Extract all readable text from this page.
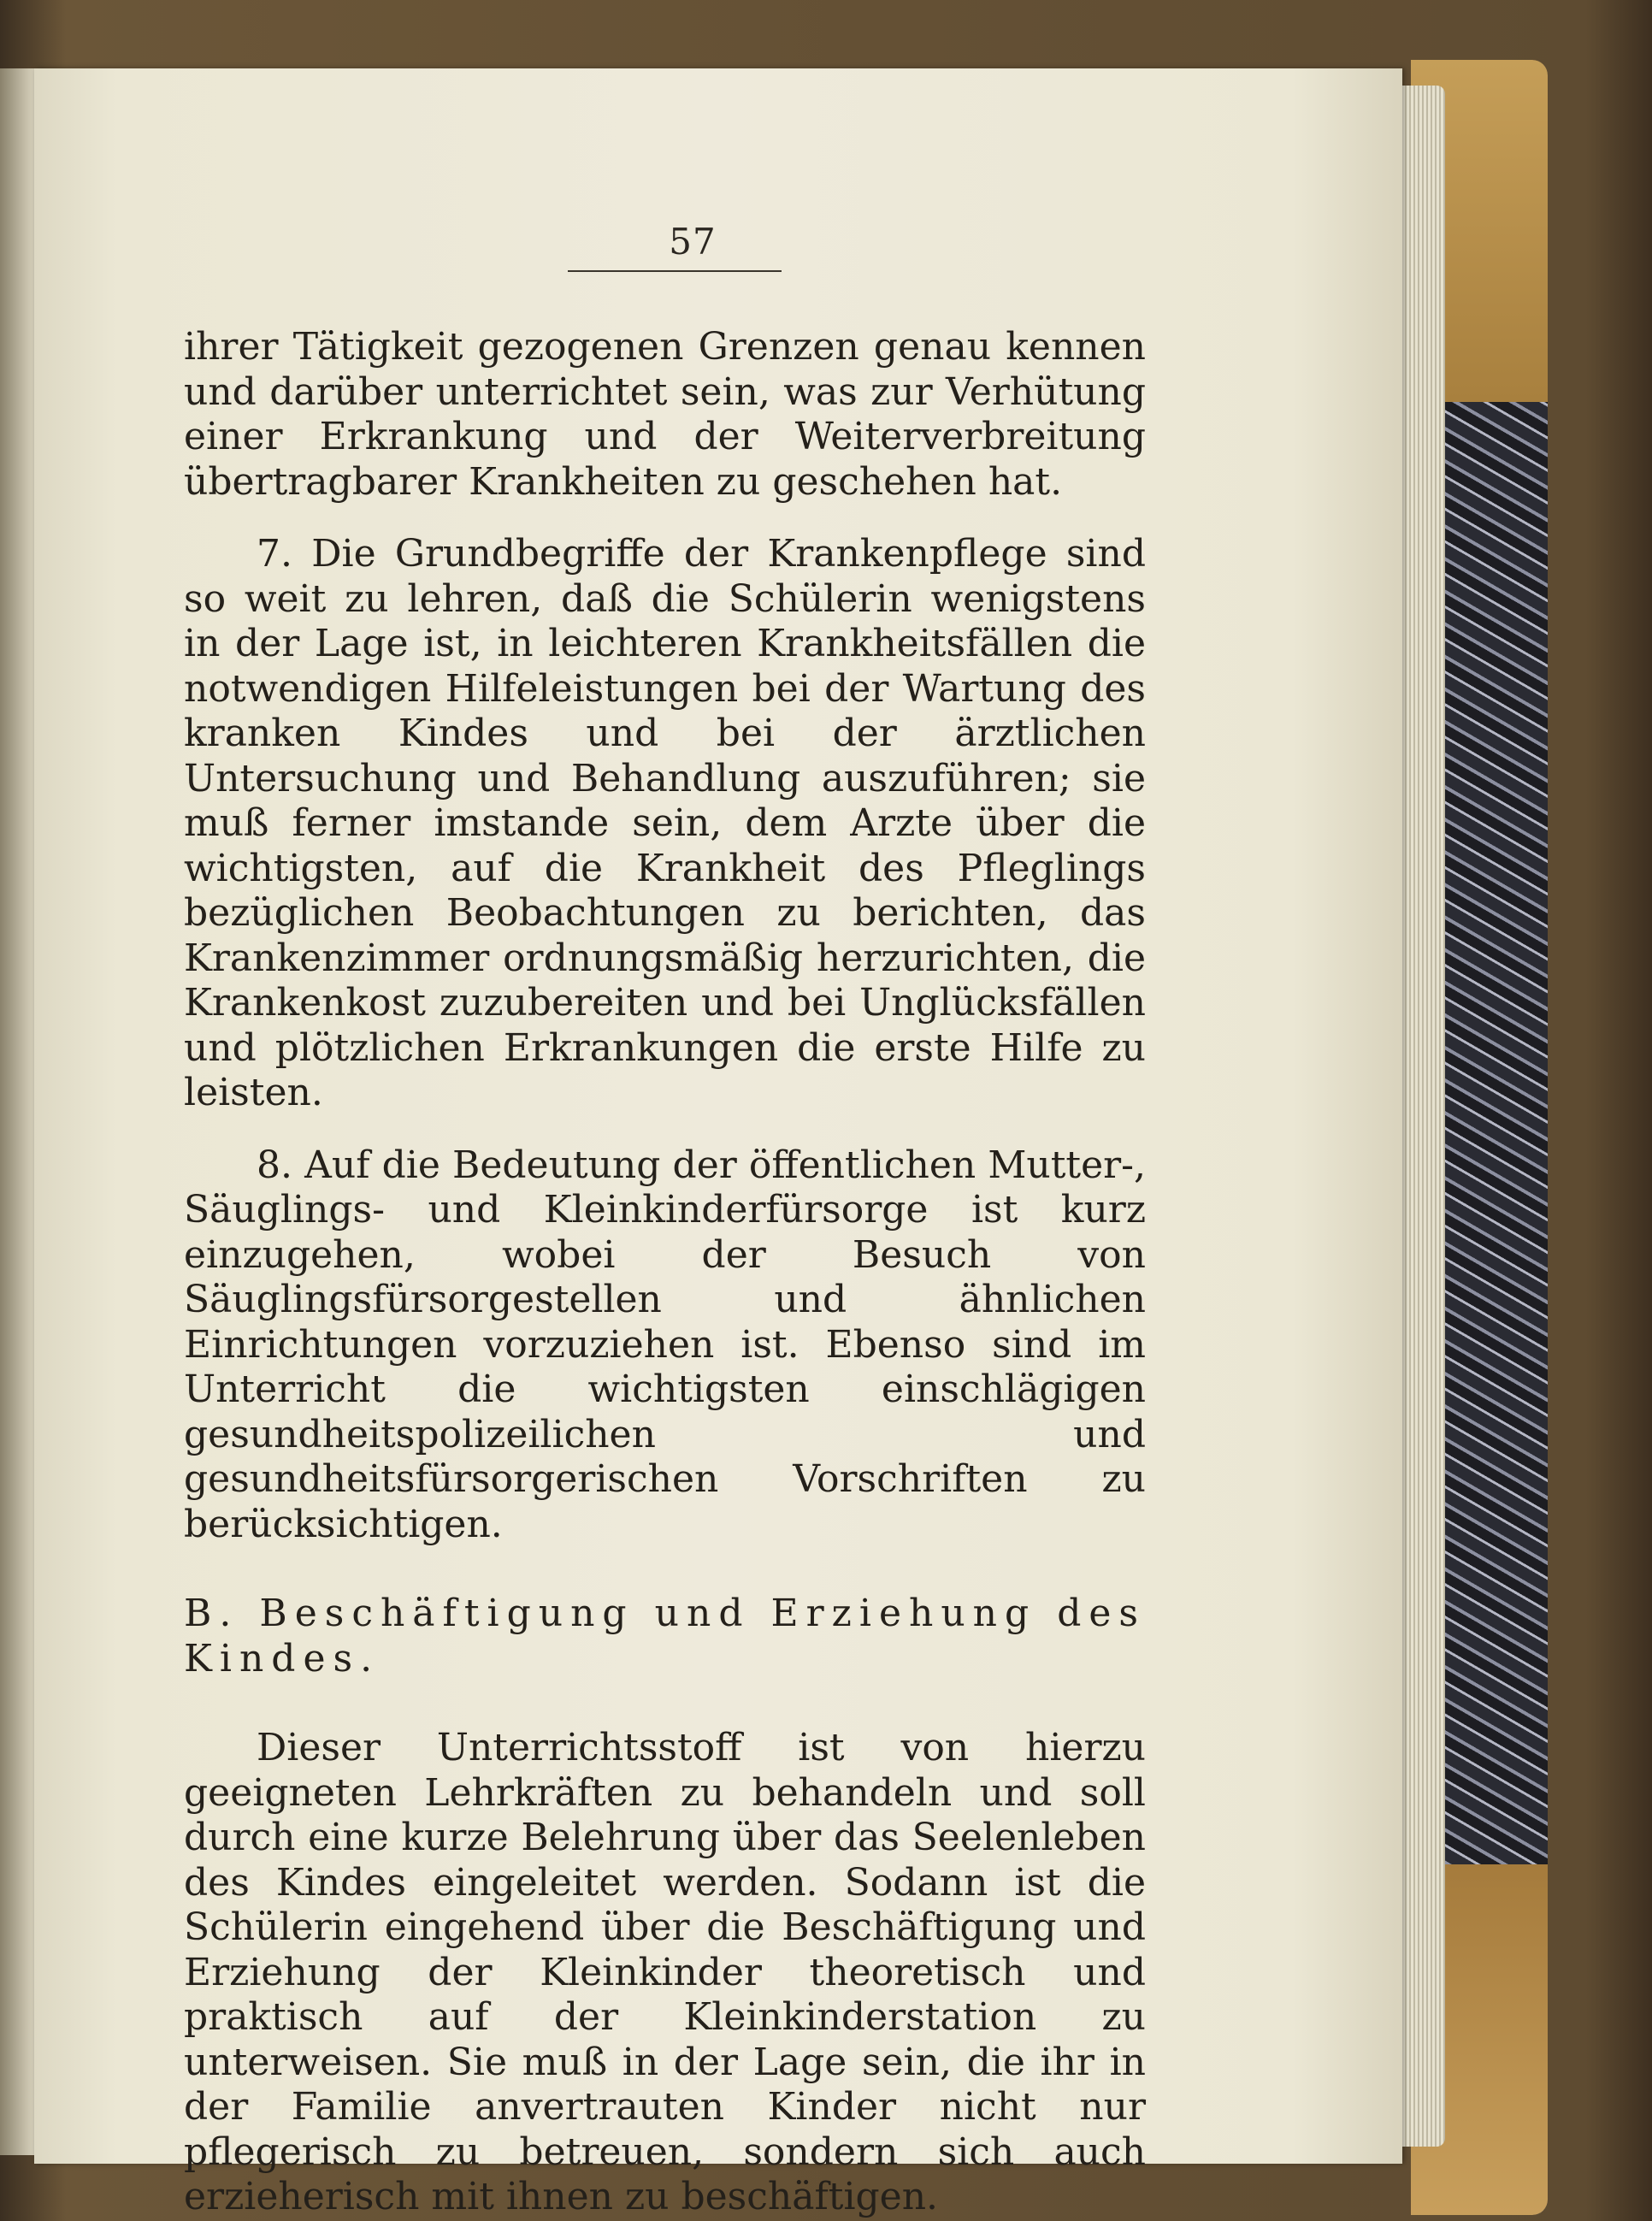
57

ihrer Tätigkeit gezogenen Grenzen genau kennen und darüber unterrichtet sein, was zur Verhütung einer Erkrankung und der Weiterverbreitung übertragbarer Krankheiten zu geschehen hat.

7. Die Grundbegriffe der Krankenpflege sind so weit zu lehren, daß die Schülerin wenigstens in der Lage ist, in leichteren Krankheitsfällen die notwendigen Hilfeleistungen bei der Wartung des kranken Kindes und bei der ärztlichen Untersuchung und Behandlung auszuführen; sie muß ferner imstande sein, dem Arzte über die wichtigsten, auf die Krankheit des Pfleglings bezüglichen Beobachtungen zu berichten, das Krankenzimmer ordnungsmäßig herzurichten, die Krankenkost zuzubereiten und bei Unglücksfällen und plötzlichen Erkrankungen die erste Hilfe zu leisten.

8. Auf die Bedeutung der öffentlichen Mutter-, Säuglings- und Kleinkinderfürsorge ist kurz einzugehen, wobei der Besuch von Säuglingsfürsorgestellen und ähnlichen Einrichtungen vorzuziehen ist. Ebenso sind im Unterricht die wichtigsten einschlägigen gesundheitspolizeilichen und gesundheitsfürsorgerischen Vorschriften zu berücksichtigen.

B. Beschäftigung und Erziehung des Kindes.

Dieser Unterrichtsstoff ist von hierzu geeigneten Lehrkräften zu behandeln und soll durch eine kurze Belehrung über das Seelenleben des Kindes eingeleitet werden. Sodann ist die Schülerin eingehend über die Beschäftigung und Erziehung der Kleinkinder theoretisch und praktisch auf der Kleinkinderstation zu unterweisen. Sie muß in der Lage sein, die ihr in der Familie anvertrauten Kinder nicht nur pflegerisch zu betreuen, sondern sich auch erzieherisch mit ihnen zu beschäftigen.
